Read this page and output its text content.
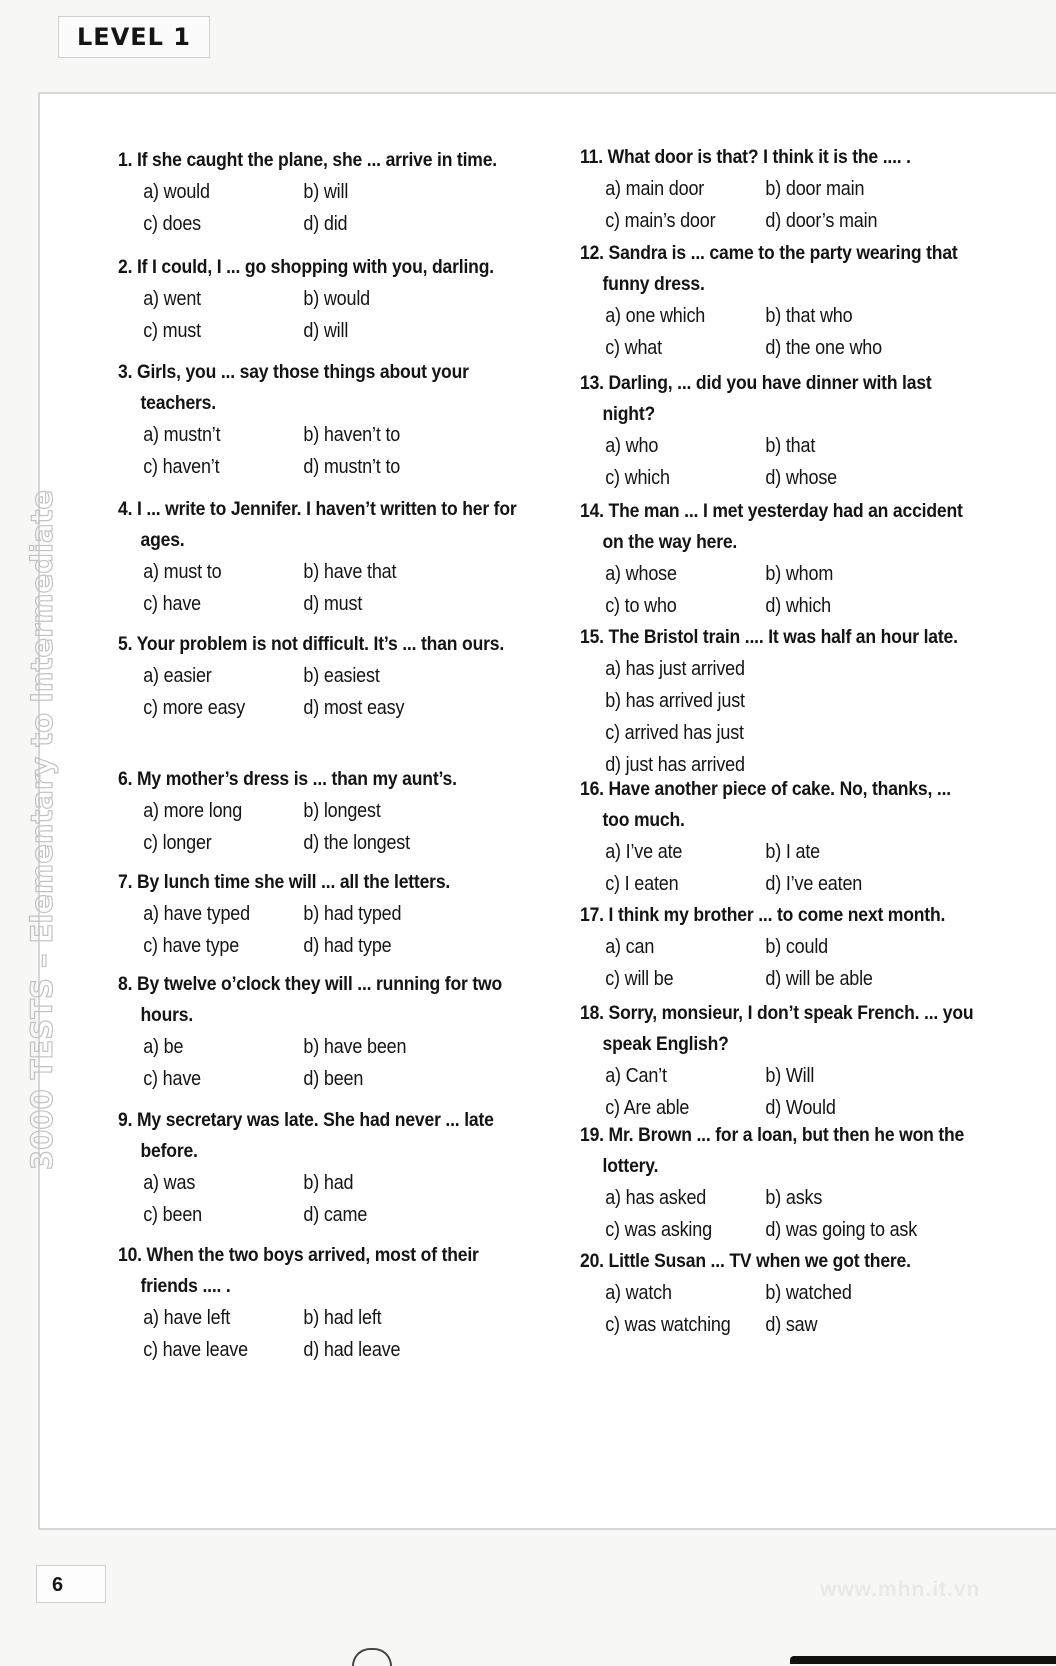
LEVEL 1
3000 TESTS – Elementary to Intermediate
1. If she caught the plane, she ... arrive in time.
a) would	b) will
c) does	d) did
2. If I could, I ... go shopping with you, darling.
a) went	b) would
c) must	d) will
3. Girls, you ... say those things about your teachers.
a) mustn’t	b) haven’t to
c) haven’t	d) mustn’t to
4. I ... write to Jennifer. I haven’t written to her for ages.
a) must to	b) have that
c) have	d) must
5. Your problem is not difficult. It’s ... than ours.
a) easier	b) easiest
c) more easy	d) most easy
6. My mother’s dress is ... than my aunt’s.
a) more long	b) longest
c) longer	d) the longest
7. By lunch time she will ... all the letters.
a) have typed	b) had typed
c) have type	d) had type
8. By twelve o’clock they will ... running for two hours.
a) be	b) have been
c) have	d) been
9. My secretary was late. She had never ... late before.
a) was	b) had
c) been	d) came
10. When the two boys arrived, most of their friends .... .
a) have left	b) had left
c) have leave	d) had leave
11. What door is that? I think it is the .... .
a) main door	b) door main
c) main’s door	d) door’s main
12. Sandra is ... came to the party wearing that funny dress.
a) one which	b) that who
c) what	d) the one who
13. Darling, ... did you have dinner with last night?
a) who	b) that
c) which	d) whose
14. The man ... I met yesterday had an accident on the way here.
a) whose	b) whom
c) to who	d) which
15. The Bristol train .... It was half an hour late.
a) has just arrived
b) has arrived just
c) arrived has just
d) just has arrived
16. Have another piece of cake. No, thanks, ... too much.
a) I’ve ate	b) I ate
c) I eaten	d) I’ve eaten
17. I think my brother ... to come next month.
a) can	b) could
c) will be	d) will be able
18. Sorry, monsieur, I don’t speak French. ... you speak English?
a) Can’t	b) Will
c) Are able	d) Would
19. Mr. Brown ... for a loan, but then he won the lottery.
a) has asked	b) asks
c) was asking	d) was going to ask
20. Little Susan ... TV when we got there.
a) watch	b) watched
c) was watching	d) saw
6	www.mhn.it.vn
